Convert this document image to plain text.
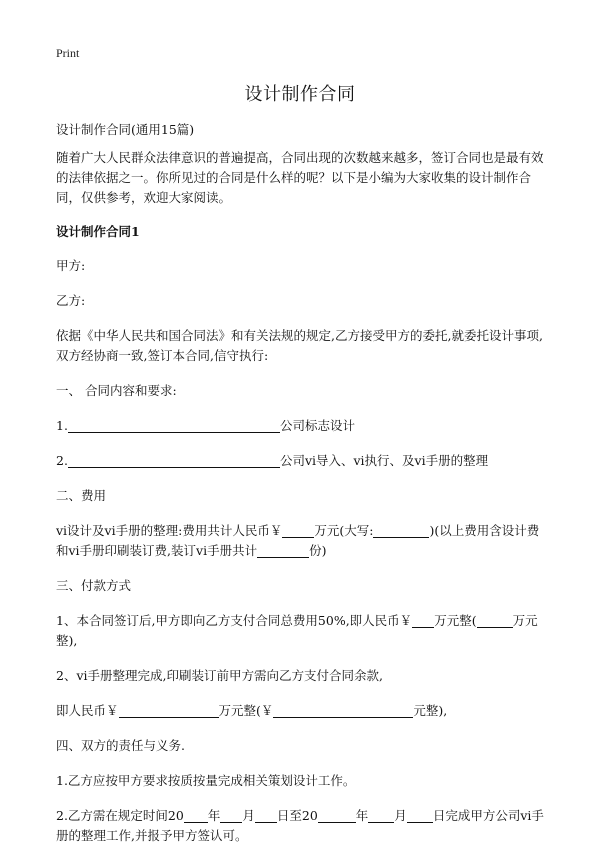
Print
设计制作合同

设计制作合同(通用15篇)

随着广大人民群众法律意识的普遍提高，合同出现的次数越来越多，签订合同也是最有效的法律依据之一。你所见过的合同是什么样的呢？以下是小编为大家收集的设计制作合同，仅供参考，欢迎大家阅读。

设计制作合同1

甲方:

乙方:

依据《中华人民共和国合同法》和有关法规的规定,乙方接受甲方的委托,就委托设计事项,双方经协商一致,签订本合同,信守执行:

一、 合同内容和要求:

1.	公司标志设计

2.	公司vi导入、vi执行、及vi手册的整理

二、费用

vi设计及vi手册的整理:费用共计人民币￥	万元(大写:	)(以上费用含设计费和vi手册印刷装订费,装订vi手册共计	份)

三、付款方式

1、本合同签订后,甲方即向乙方支付合同总费用50%,即人民币￥ 万元整(	万元整),

2、vi手册整理完成,印刷装订前甲方需向乙方支付合同余款,

即人民币￥	万元整(￥	元整),

四、双方的责任与义务.

1.乙方应按甲方要求按质按量完成相关策划设计工作。

2.乙方需在规定时间20 年 月 日至20	年 月 日完成甲方公司vi手册的整理工作,并报予甲方签认可。
